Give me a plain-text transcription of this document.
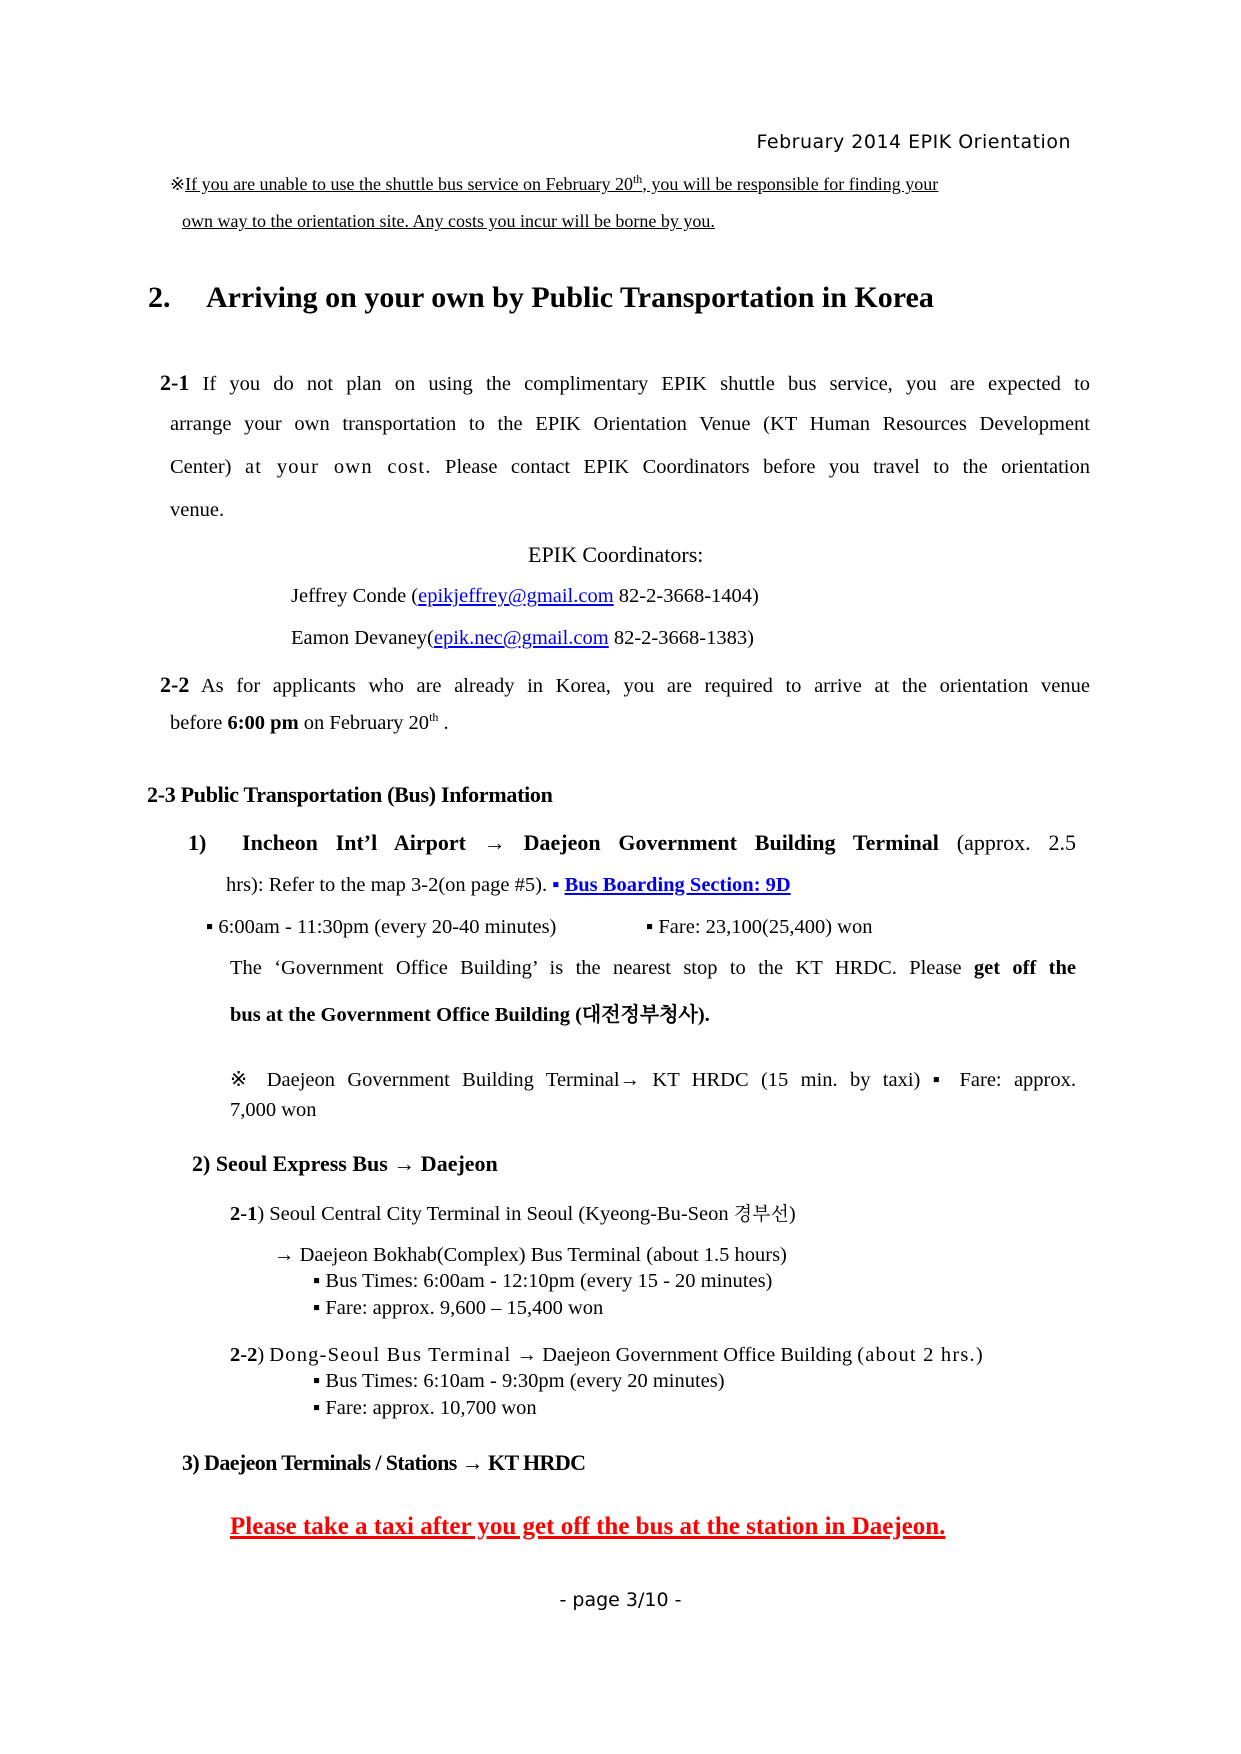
February 2014 EPIK Orientation
※If you are unable to use the shuttle bus service on February 20th, you will be responsible for finding your
own way to the orientation site. Any costs you incur will be borne by you.
2. Arriving on your own by Public Transportation in Korea
2-1 If you do not plan on using the complimentary EPIK shuttle bus service, you are expected to
arrange your own transportation to the EPIK Orientation Venue (KT Human Resources Development
Center) at your own cost. Please contact EPIK Coordinators before you travel to the orientation
venue.
EPIK Coordinators:
Jeffrey Conde (epikjeffrey@gmail.com 82-2-3668-1404)
Eamon Devaney(epik.nec@gmail.com 82-2-3668-1383)
2-2 As for applicants who are already in Korea, you are required to arrive at the orientation venue
before 6:00 pm on February 20th .
2-3 Public Transportation (Bus) Information
1) Incheon Int’l Airport → Daejeon Government Building Terminal (approx. 2.5
hrs): Refer to the map 3-2(on page #5). ▪ Bus Boarding Section: 9D
▪ 6:00am - 11:30pm (every 20-40 minutes)	▪ Fare: 23,100(25,400) won
The ‘Government Office Building’ is the nearest stop to the KT HRDC. Please get off the
bus at the Government Office Building (대전정부청사).
※ Daejeon Government Building Terminal→ KT HRDC (15 min. by taxi) ▪ Fare: approx.
7,000 won
2) Seoul Express Bus → Daejeon
2-1) Seoul Central City Terminal in Seoul (Kyeong-Bu-Seon 경부선)
→ Daejeon Bokhab(Complex) Bus Terminal (about 1.5 hours)
▪ Bus Times: 6:00am - 12:10pm (every 15 - 20 minutes)
▪ Fare: approx. 9,600 – 15,400 won
2-2) Dong-Seoul Bus Terminal → Daejeon Government Office Building (about 2 hrs.)
▪ Bus Times: 6:10am - 9:30pm (every 20 minutes)
▪ Fare: approx. 10,700 won
3) Daejeon Terminals / Stations → KT HRDC
Please take a taxi after you get off the bus at the station in Daejeon.
- page 3/10 -
